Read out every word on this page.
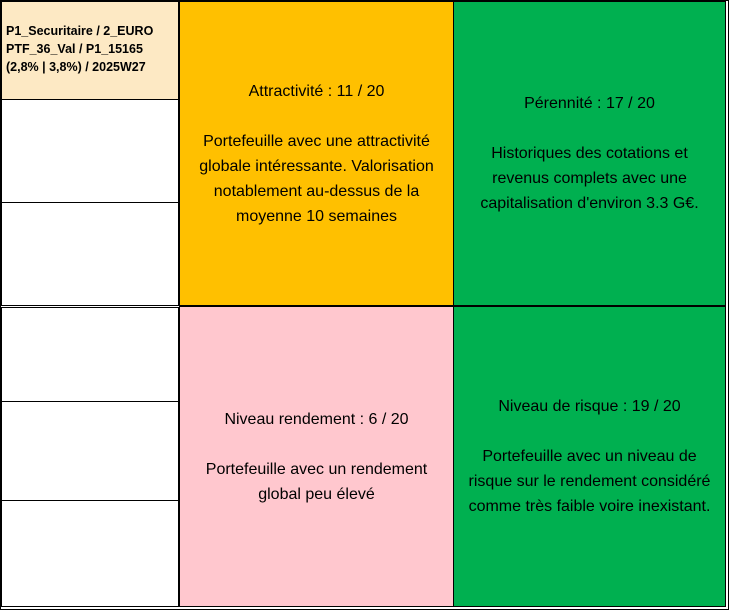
P1_Securitaire / 2_EURO
PTF_36_Val / P1_15165
(2,8% | 3,8%) / 2025W27
Attractivité : 11 / 20
Portefeuille avec une attractivité globale intéressante. Valorisation notablement au-dessus de la moyenne 10 semaines
Pérennité : 17 / 20
Historiques des cotations et revenus complets avec une capitalisation d'environ 3.3 G€.
Niveau rendement : 6 / 20
Portefeuille avec un rendement global peu élevé
Niveau de risque : 19 / 20
Portefeuille avec un niveau de risque sur le rendement considéré comme très faible voire inexistant.
